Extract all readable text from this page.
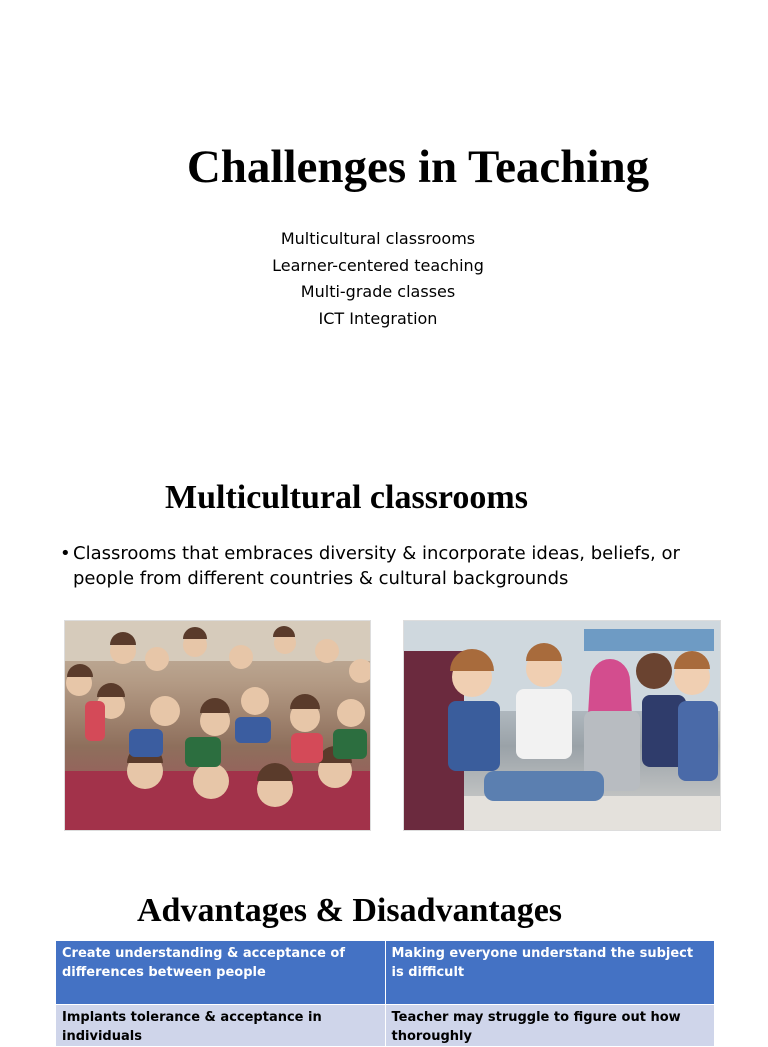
Challenges in Teaching
Multicultural classrooms
Learner-centered teaching
Multi-grade classes
ICT Integration
Multicultural classrooms
• Classrooms that embraces diversity & incorporate ideas, beliefs, or people from different countries & cultural backgrounds
Advantages & Disadvantages
Create understanding & acceptance of differences between people	Making everyone understand the subject is difficult
Implants tolerance & acceptance in individuals	Teacher may struggle to figure out how thoroughly
